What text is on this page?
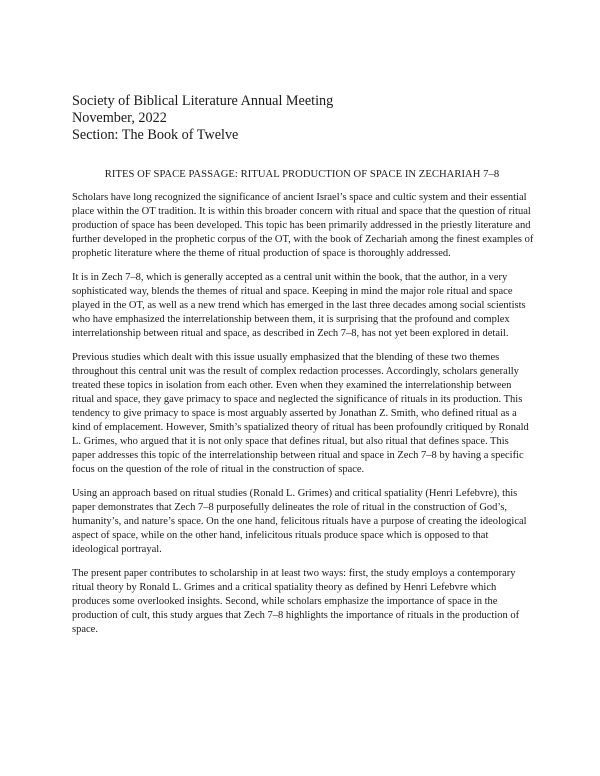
Society of Biblical Literature Annual Meeting
November, 2022
Section: The Book of Twelve
RITES OF SPACE PASSAGE: RITUAL PRODUCTION OF SPACE IN ZECHARIAH 7–8

Scholars have long recognized the significance of ancient Israel’s space and cultic system and their essential place within the OT tradition. It is within this broader concern with ritual and space that the question of ritual production of space has been developed. This topic has been primarily addressed in the priestly literature and further developed in the prophetic corpus of the OT, with the book of Zechariah among the finest examples of prophetic literature where the theme of ritual production of space is thoroughly addressed.

It is in Zech 7–8, which is generally accepted as a central unit within the book, that the author, in a very sophisticated way, blends the themes of ritual and space. Keeping in mind the major role ritual and space played in the OT, as well as a new trend which has emerged in the last three decades among social scientists who have emphasized the interrelationship between them, it is surprising that the profound and complex interrelationship between ritual and space, as described in Zech 7–8, has not yet been explored in detail.

Previous studies which dealt with this issue usually emphasized that the blending of these two themes throughout this central unit was the result of complex redaction processes. Accordingly, scholars generally treated these topics in isolation from each other. Even when they examined the interrelationship between ritual and space, they gave primacy to space and neglected the significance of rituals in its production. This tendency to give primacy to space is most arguably asserted by Jonathan Z. Smith, who defined ritual as a kind of emplacement. However, Smith’s spatialized theory of ritual has been profoundly critiqued by Ronald L. Grimes, who argued that it is not only space that defines ritual, but also ritual that defines space. This paper addresses this topic of the interrelationship between ritual and space in Zech 7–8 by having a specific focus on the question of the role of ritual in the construction of space.

Using an approach based on ritual studies (Ronald L. Grimes) and critical spatiality (Henri Lefebvre), this paper demonstrates that Zech 7–8 purposefully delineates the role of ritual in the construction of God’s, humanity’s, and nature’s space. On the one hand, felicitous rituals have a purpose of creating the ideological aspect of space, while on the other hand, infelicitous rituals produce space which is opposed to that ideological portrayal.

The present paper contributes to scholarship in at least two ways: first, the study employs a contemporary ritual theory by Ronald L. Grimes and a critical spatiality theory as defined by Henri Lefebvre which produces some overlooked insights. Second, while scholars emphasize the importance of space in the production of cult, this study argues that Zech 7–8 highlights the importance of rituals in the production of space.
